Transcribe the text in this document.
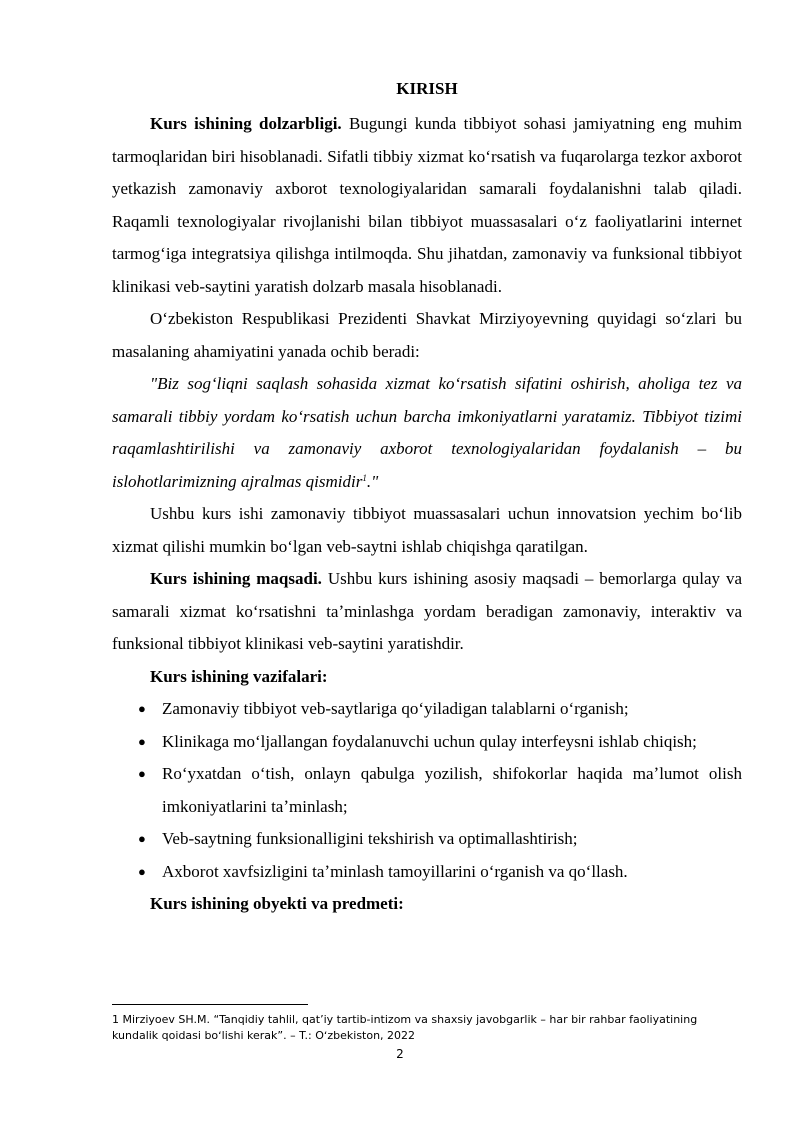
KIRISH

Kurs ishining dolzarbligi. Bugungi kunda tibbiyot sohasi jamiyatning eng muhim tarmoqlaridan biri hisoblanadi. Sifatli tibbiy xizmat koʻrsatish va fuqarolarga tezkor axborot yetkazish zamonaviy axborot texnologiyalaridan samarali foydalanishni talab qiladi. Raqamli texnologiyalar rivojlanishi bilan tibbiyot muassasalari oʻz faoliyatlarini internet tarmogʻiga integratsiya qilishga intilmoqda. Shu jihatdan, zamonaviy va funksional tibbiyot klinikasi veb-saytini yaratish dolzarb masala hisoblanadi.

Oʻzbekiston Respublikasi Prezidenti Shavkat Mirziyoyevning quyidagi soʻzlari bu masalaning ahamiyatini yanada ochib beradi:

"Biz sogʻliqni saqlash sohasida xizmat koʻrsatish sifatini oshirish, aholiga tez va samarali tibbiy yordam koʻrsatish uchun barcha imkoniyatlarni yaratamiz. Tibbiyot tizimi raqamlashtirilishi va zamonaviy axborot texnologiyalaridan foydalanish – bu islohotlarimizning ajralmas qismidir$^1$."

Ushbu kurs ishi zamonaviy tibbiyot muassasalari uchun innovatsion yechim boʻlib xizmat qilishi mumkin boʻlgan veb-saytni ishlab chiqishga qaratilgan.

Kurs ishining maqsadi. Ushbu kurs ishining asosiy maqsadi – bemorlarga qulay va samarali xizmat koʻrsatishni taʼminlashga yordam beradigan zamonaviy, interaktiv va funksional tibbiyot klinikasi veb-saytini yaratishdir.

Kurs ishining vazifalari:

● Zamonaviy tibbiyot veb-saytlariga qoʻyiladigan talablarni oʻrganish;
● Klinikaga moʻljallangan foydalanuvchi uchun qulay interfeysni ishlab chiqish;
● Roʻyxatdan oʻtish, onlayn qabulga yozilish, shifokorlar haqida maʼlumot olish imkoniyatlarini taʼminlash;
● Veb-saytning funksionalligini tekshirish va optimallashtirish;
● Axborot xavfsizligini taʼminlash tamoyillarini oʻrganish va qoʻllash.

Kurs ishining obyekti va predmeti:

1 Mirziyoev SH.M. “Tanqidiy tahlil, qatʼiy tartib-intizom va shaxsiy javobgarlik – har bir rahbar faoliyatining kundalik qoidasi boʻlishi kerak”. – T.: Oʻzbekiston, 2022
2
